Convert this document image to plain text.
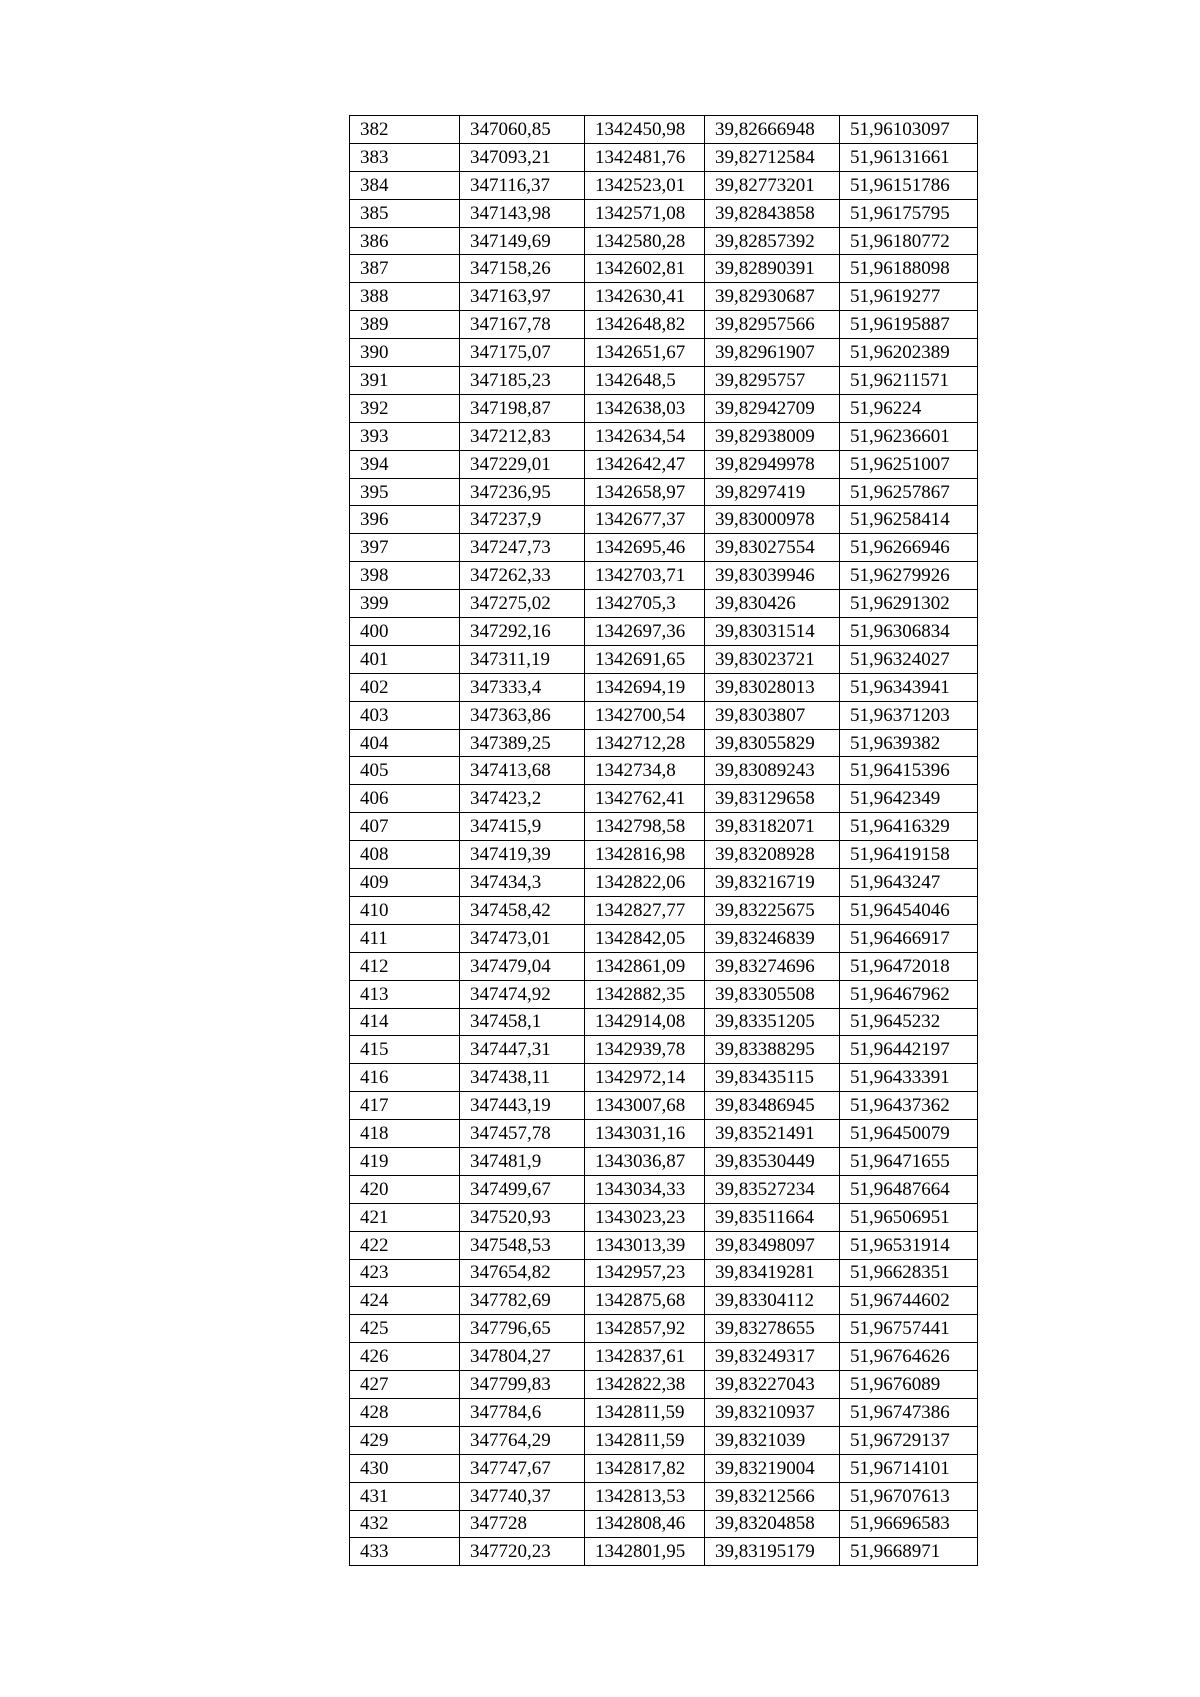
382	347060,85	1342450,98	39,82666948	51,96103097
383	347093,21	1342481,76	39,82712584	51,96131661
384	347116,37	1342523,01	39,82773201	51,96151786
385	347143,98	1342571,08	39,82843858	51,96175795
386	347149,69	1342580,28	39,82857392	51,96180772
387	347158,26	1342602,81	39,82890391	51,96188098
388	347163,97	1342630,41	39,82930687	51,9619277
389	347167,78	1342648,82	39,82957566	51,96195887
390	347175,07	1342651,67	39,82961907	51,96202389
391	347185,23	1342648,5	39,8295757	51,96211571
392	347198,87	1342638,03	39,82942709	51,96224
393	347212,83	1342634,54	39,82938009	51,96236601
394	347229,01	1342642,47	39,82949978	51,96251007
395	347236,95	1342658,97	39,8297419	51,96257867
396	347237,9	1342677,37	39,83000978	51,96258414
397	347247,73	1342695,46	39,83027554	51,96266946
398	347262,33	1342703,71	39,83039946	51,96279926
399	347275,02	1342705,3	39,830426	51,96291302
400	347292,16	1342697,36	39,83031514	51,96306834
401	347311,19	1342691,65	39,83023721	51,96324027
402	347333,4	1342694,19	39,83028013	51,96343941
403	347363,86	1342700,54	39,8303807	51,96371203
404	347389,25	1342712,28	39,83055829	51,9639382
405	347413,68	1342734,8	39,83089243	51,96415396
406	347423,2	1342762,41	39,83129658	51,9642349
407	347415,9	1342798,58	39,83182071	51,96416329
408	347419,39	1342816,98	39,83208928	51,96419158
409	347434,3	1342822,06	39,83216719	51,9643247
410	347458,42	1342827,77	39,83225675	51,96454046
411	347473,01	1342842,05	39,83246839	51,96466917
412	347479,04	1342861,09	39,83274696	51,96472018
413	347474,92	1342882,35	39,83305508	51,96467962
414	347458,1	1342914,08	39,83351205	51,9645232
415	347447,31	1342939,78	39,83388295	51,96442197
416	347438,11	1342972,14	39,83435115	51,96433391
417	347443,19	1343007,68	39,83486945	51,96437362
418	347457,78	1343031,16	39,83521491	51,96450079
419	347481,9	1343036,87	39,83530449	51,96471655
420	347499,67	1343034,33	39,83527234	51,96487664
421	347520,93	1343023,23	39,83511664	51,96506951
422	347548,53	1343013,39	39,83498097	51,96531914
423	347654,82	1342957,23	39,83419281	51,96628351
424	347782,69	1342875,68	39,83304112	51,96744602
425	347796,65	1342857,92	39,83278655	51,96757441
426	347804,27	1342837,61	39,83249317	51,96764626
427	347799,83	1342822,38	39,83227043	51,9676089
428	347784,6	1342811,59	39,83210937	51,96747386
429	347764,29	1342811,59	39,8321039	51,96729137
430	347747,67	1342817,82	39,83219004	51,96714101
431	347740,37	1342813,53	39,83212566	51,96707613
432	347728	1342808,46	39,83204858	51,96696583
433	347720,23	1342801,95	39,83195179	51,9668971
